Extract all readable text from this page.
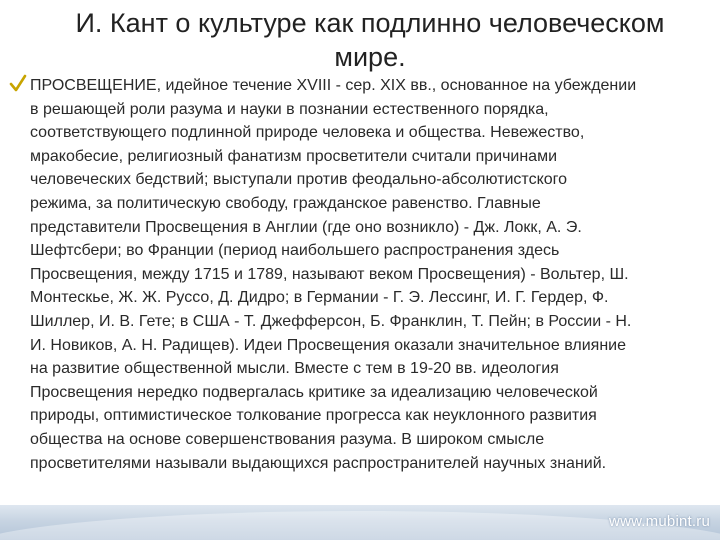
И. Кант о культуре как подлинно человеческом
мире.
ПРОСВЕЩЕНИЕ, идейное течение XVIII - сер. XIX вв., основанное на убеждении
в решающей роли разума и науки в познании естественного порядка,
соответствующего подлинной природе человека и общества. Невежество,
мракобесие, религиозный фанатизм просветители считали причинами
человеческих бедствий; выступали против феодально-абсолютистского
режима, за политическую свободу, гражданское равенство. Главные
представители Просвещения в Англии (где оно возникло) - Дж. Локк, А. Э.
Шефтсбери; во Франции (период наибольшего распространения здесь
Просвещения, между 1715 и 1789, называют веком Просвещения) - Вольтер, Ш.
Монтескье, Ж. Ж. Руссо, Д. Дидро; в Германии - Г. Э. Лессинг, И. Г. Гердер, Ф.
Шиллер, И. В. Гете; в США - Т. Джефферсон, Б. Франклин, Т. Пейн; в России - Н.
И. Новиков, А. Н. Радищев). Идеи Просвещения оказали значительное влияние
на развитие общественной мысли. Вместе с тем в 19-20 вв. идеология
Просвещения нередко подвергалась критике за идеализацию человеческой
природы, оптимистическое толкование прогресса как неуклонного развития
общества на основе совершенствования разума. В широком смысле
просветителями называли выдающихся распространителей научных знаний.
www.mubint.ru
